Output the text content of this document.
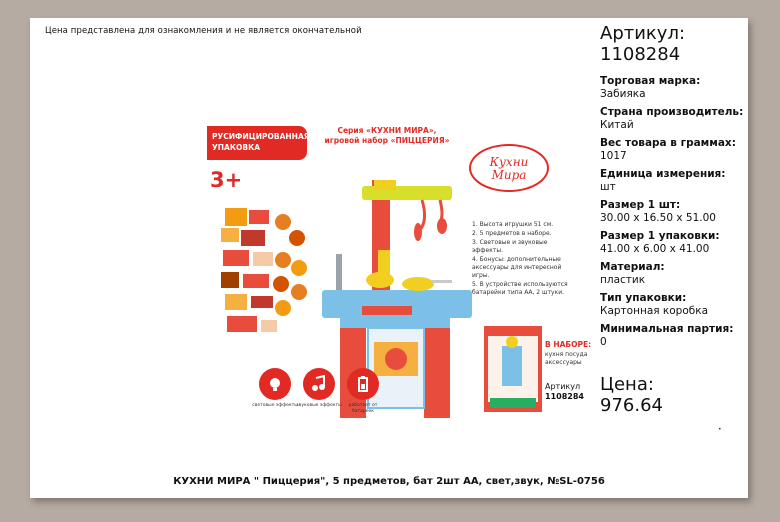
Цена представлена для ознакомления и не является окончательной
РУСИФИЦИРОВАННАЯ
УПАКОВКА
3+
Серия «КУХНИ МИРА»,
игровой набор «ПИЦЦЕРИЯ»
Кухни
Мира
1. Высота игрушки 51 см.
2. 5 предметов в наборе.
3. Световые и звуковые эффекты.
4. Бонусы: дополнительные аксессуары для интересной игры.
5. В устройстве используются батарейки типа АА, 2 штуки.
В НАБОРЕ:
кухня посуда аксессуары
Артикул
1108284
световые эффекты
звуковые эффекты	работает от батареек
Артикул:
1108284
Торговая марка:
Забияка
Страна производитель:
Китай
Вес товара в граммах:
1017
Единица измерения:
шт
Размер 1 шт:
30.00 х 16.50 х 51.00
Размер 1 упаковки:
41.00 х 6.00 х 41.00
Материал:
пластик
Тип упаковки:
Картонная коробка
Минимальная партия:
0
Цена:
976.64
•
КУХНИ МИРА " Пиццерия", 5 предметов, бат 2шт АА, свет,звук, №SL-0756
